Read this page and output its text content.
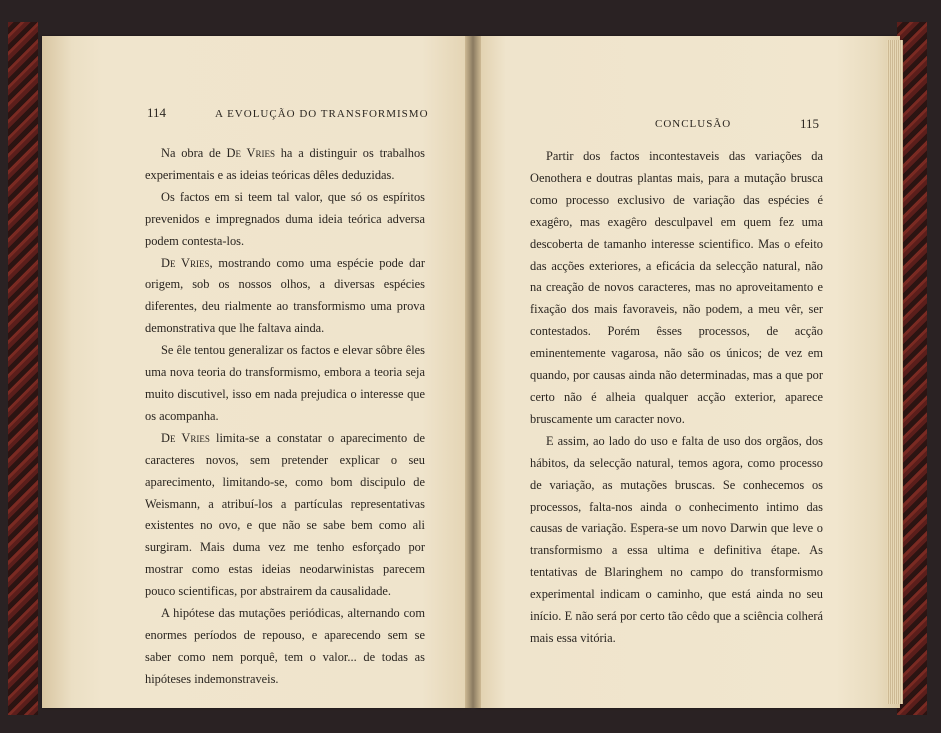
114	A EVOLUÇÃO DO TRANSFORMISMO
CONCLUSÃO	115

Na obra de De Vries ha a distinguir os trabalhos experimentais e as ideias teóricas dêles deduzidas.

Os factos em si teem tal valor, que só os espíritos prevenidos e impregnados duma ideia teórica adversa podem contesta-los.

De Vries, mostrando como uma espécie pode dar origem, sob os nossos olhos, a diversas espécies diferentes, deu rialmente ao transformismo uma prova demonstrativa que lhe faltava ainda.

Se êle tentou generalizar os factos e elevar sôbre êles uma nova teoria do transformismo, embora a teoria seja muito discutivel, isso em nada prejudica o interesse que os acompanha.

De Vries limita-se a constatar o aparecimento de caracteres novos, sem pretender explicar o seu aparecimento, limitando-se, como bom discipulo de Weismann, a atribuí-los a partículas representativas existentes no ovo, e que não se sabe bem como ali surgiram. Mais duma vez me tenho esforçado por mostrar como estas ideias neodarwinistas parecem pouco scientificas, por abstrairem da causalidade.

A hipótese das mutações periódicas, alternando com enormes períodos de repouso, e aparecendo sem se saber como nem porquê, tem o valor... de todas as hipóteses indemonstraveis.

Partir dos factos incontestaveis das variações da Oenothera e doutras plantas mais, para a mutação brusca como processo exclusivo de variação das espécies é exagêro, mas exagêro desculpavel em quem fez uma descoberta de tamanho interesse scientifico. Mas o efeito das acções exteriores, a eficácia da selecção natural, não na creação de novos caracteres, mas no aproveitamento e fixação dos mais favoraveis, não podem, a meu vêr, ser contestados. Porém êsses processos, de acção eminentemente vagarosa, não são os únicos; de vez em quando, por causas ainda não determinadas, mas a que por certo não é alheia qualquer acção exterior, aparece bruscamente um caracter novo.

E assim, ao lado do uso e falta de uso dos orgãos, dos hábitos, da selecção natural, temos agora, como processo de variação, as mutações bruscas. Se conhecemos os processos, falta-nos ainda o conhecimento intimo das causas de variação. Espera-se um novo Darwin que leve o transformismo a essa ultima e definitiva étape. As tentativas de Blaringhem no campo do transformismo experimental indicam o caminho, que está ainda no seu início. E não será por certo tão cêdo que a sciência colherá mais essa vitória.
